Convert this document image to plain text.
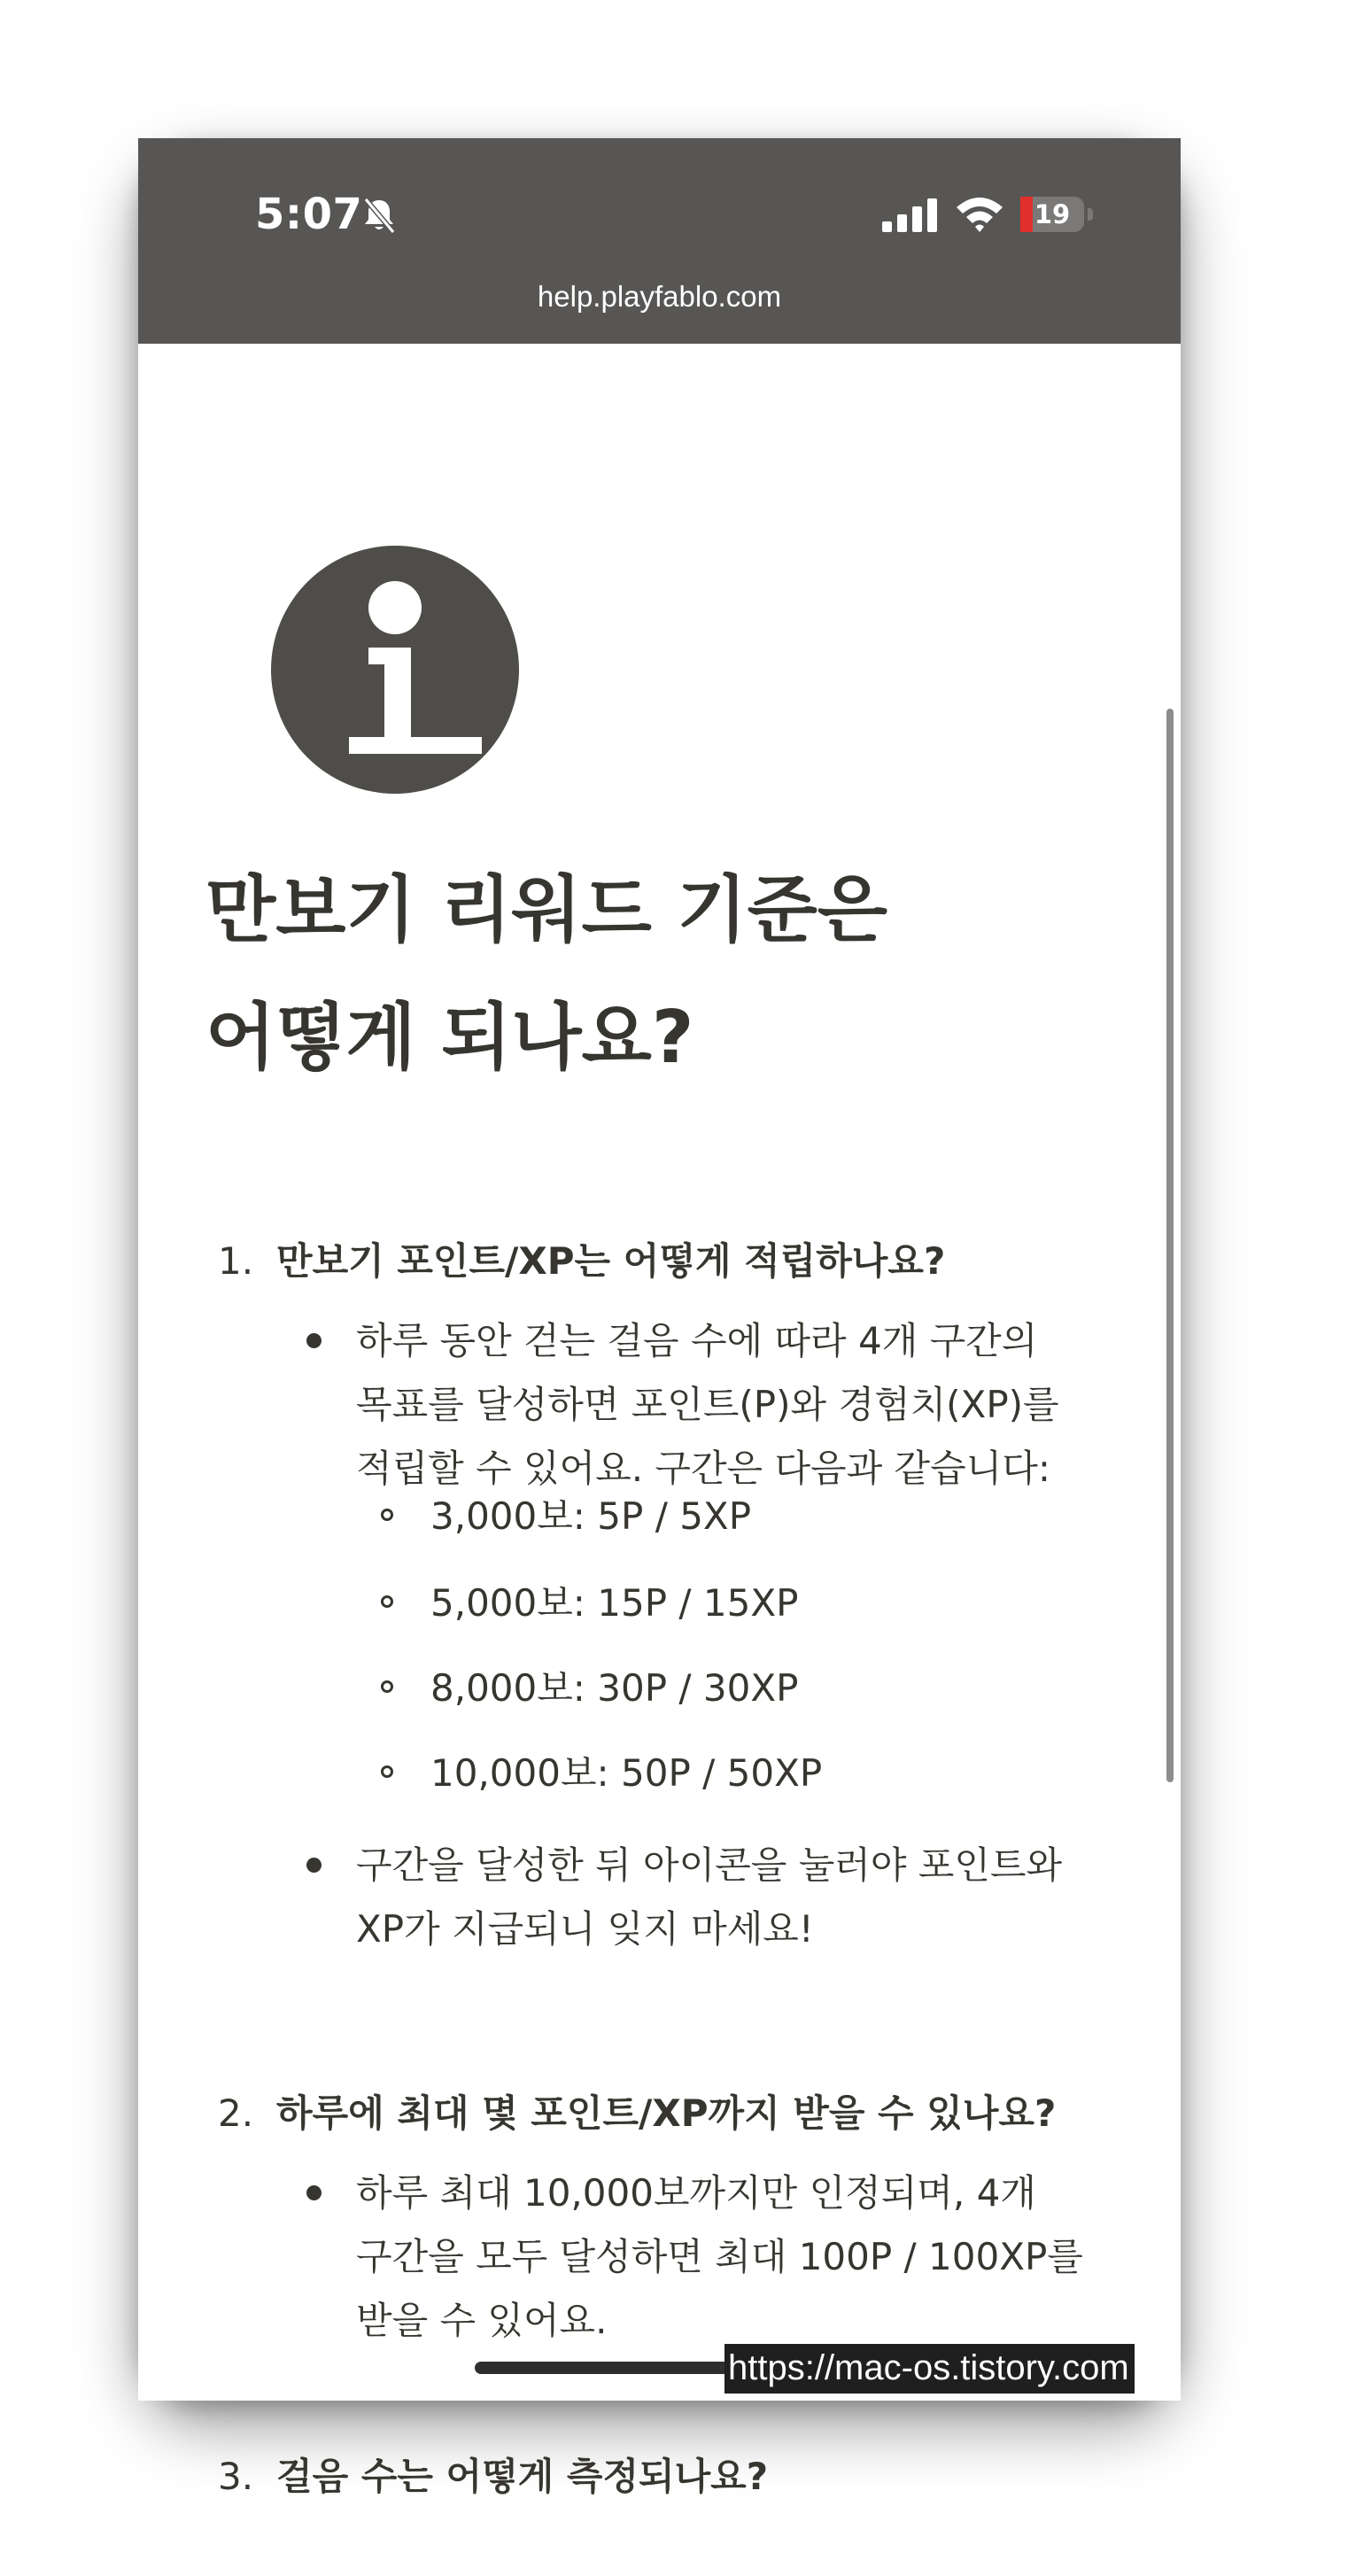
5:07	19
help.playfablo.com
만보기 리워드 기준은 어떻게 되나요?
1. 만보기 포인트/XP는 어떻게 적립하나요?
하루 동안 걷는 걸음 수에 따라 4개 구간의 목표를 달성하면 포인트(P)와 경험치(XP)를 적립할 수 있어요. 구간은 다음과 같습니다:
3,000보: 5P / 5XP
5,000보: 15P / 15XP
8,000보: 30P / 30XP
10,000보: 50P / 50XP
구간을 달성한 뒤 아이콘을 눌러야 포인트와 XP가 지급되니 잊지 마세요!
2. 하루에 최대 몇 포인트/XP까지 받을 수 있나요?
하루 최대 10,000보까지만 인정되며, 4개 구간을 모두 달성하면 최대 100P / 100XP를 받을 수 있어요.
3. 걸음 수는 어떻게 측정되나요?
https://mac-os.tistory.com
